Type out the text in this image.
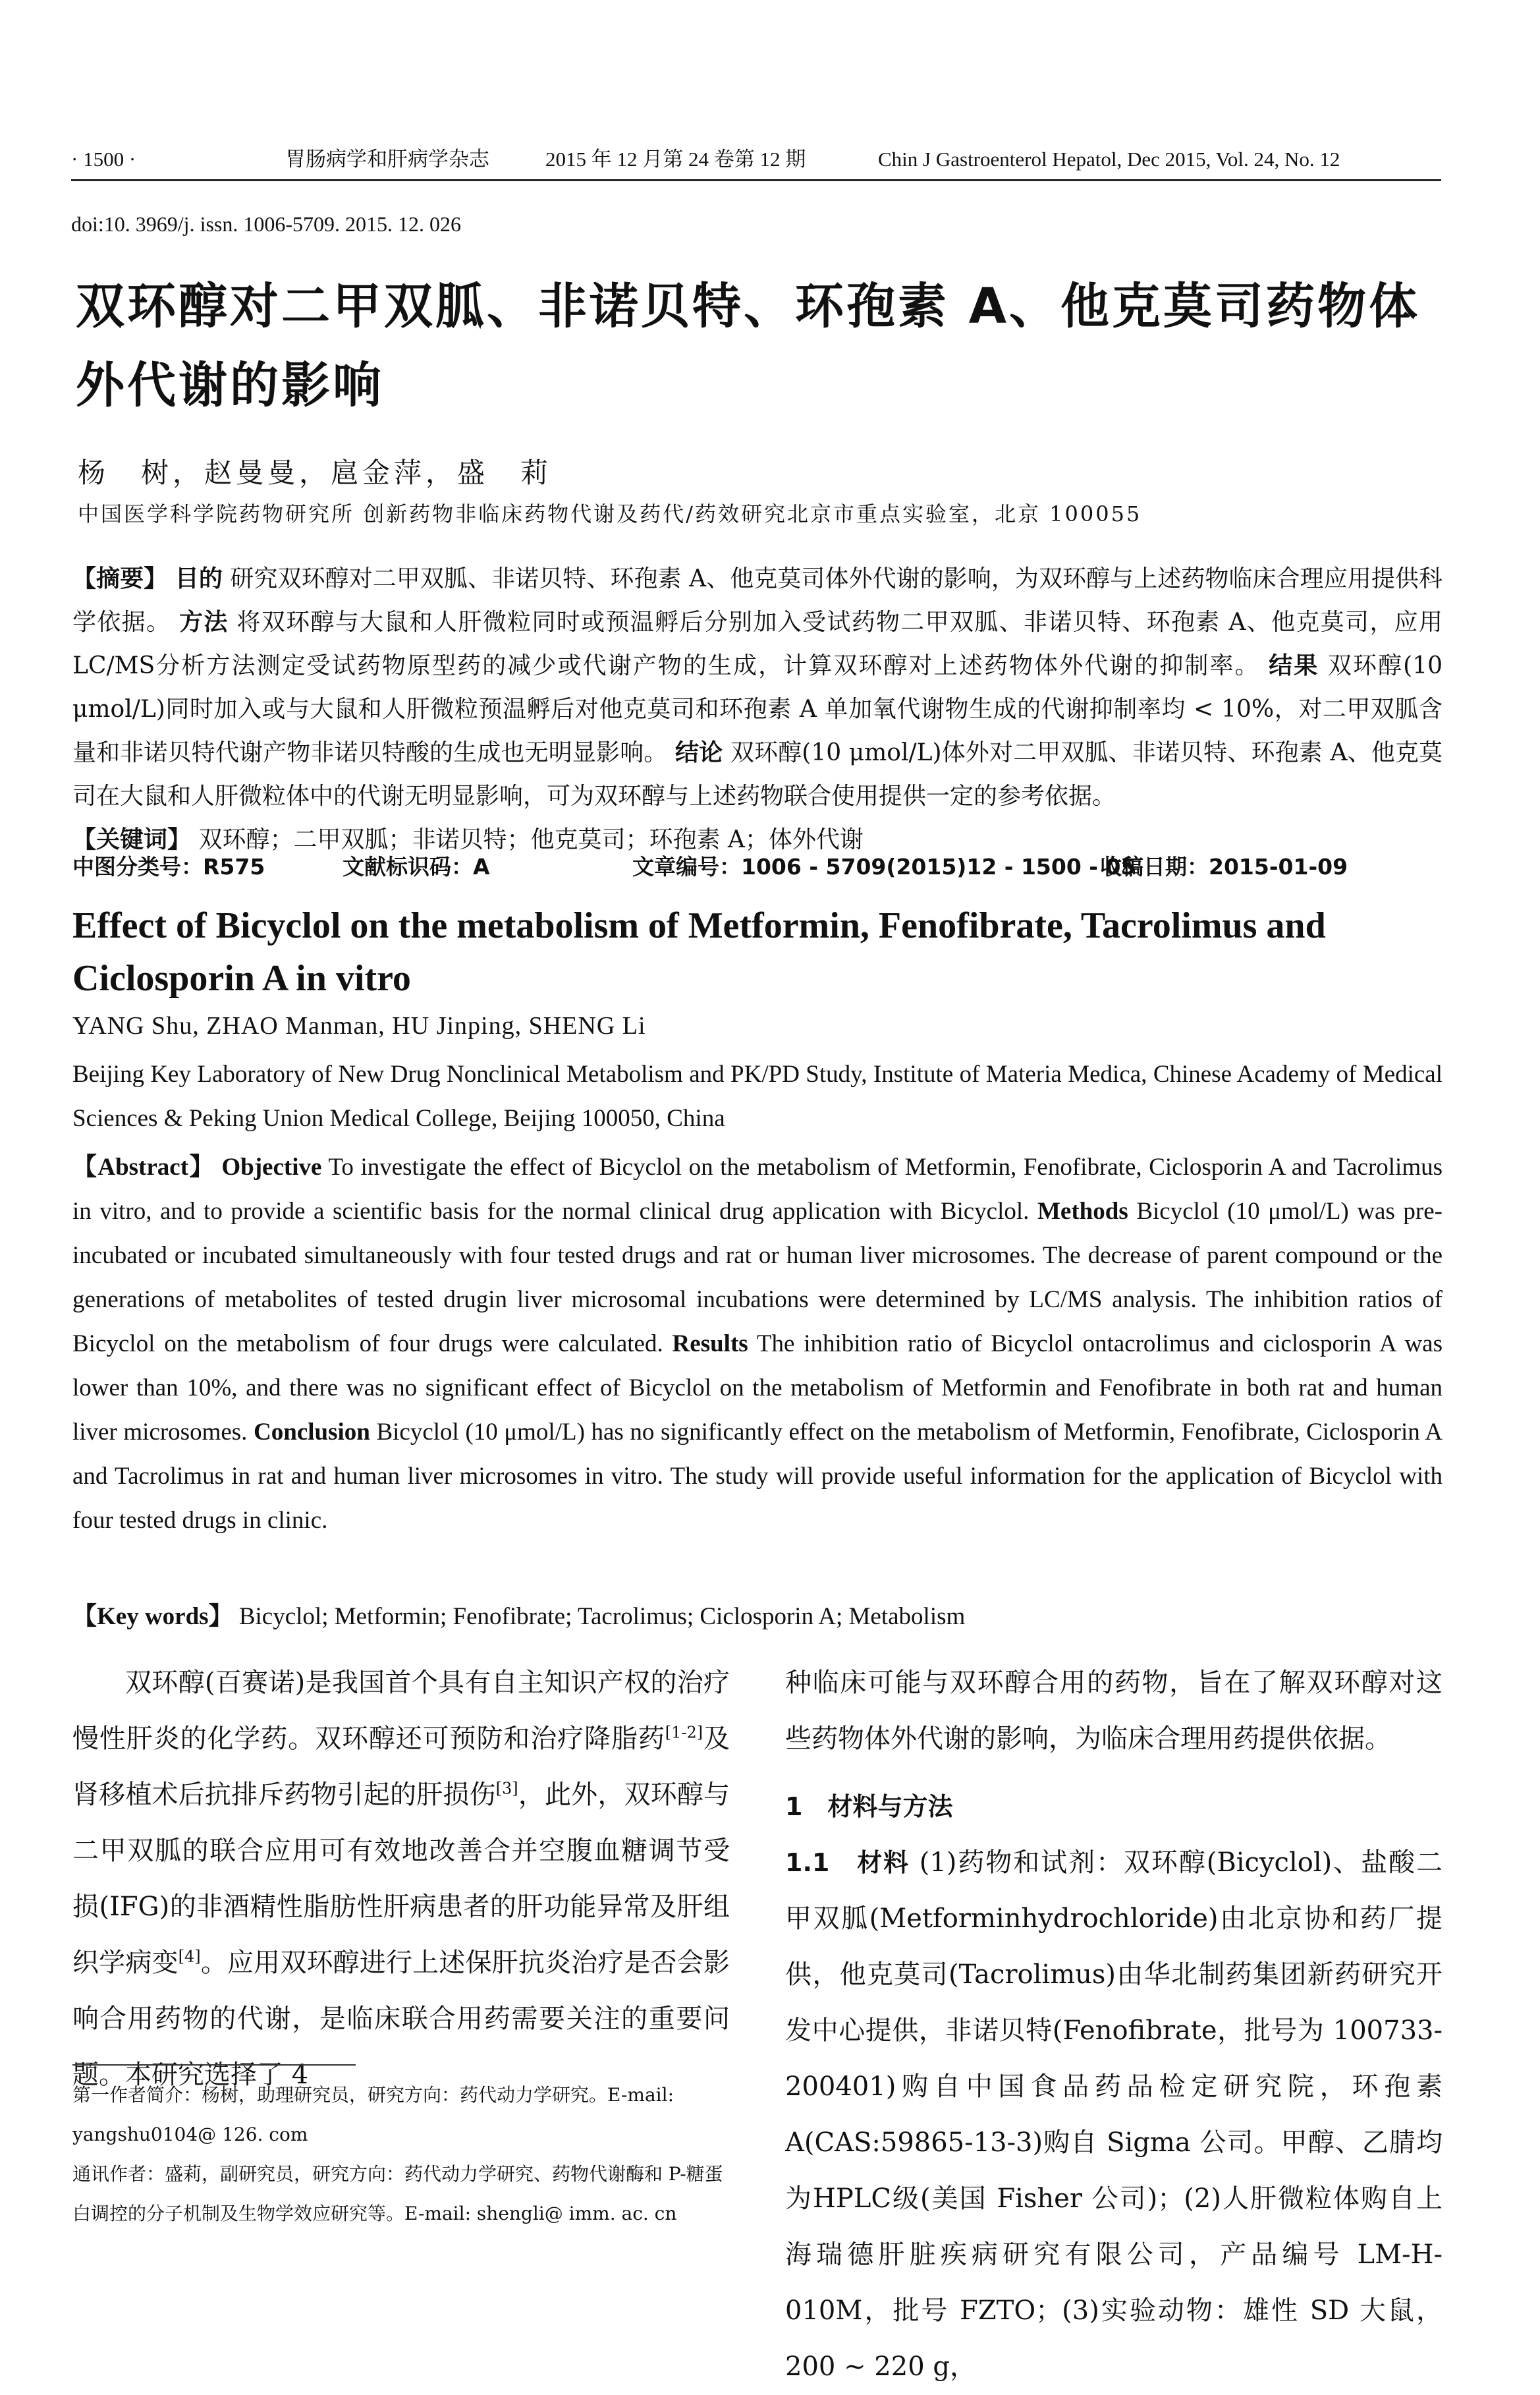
· 1500 ·	胃肠病学和肝病学杂志	2015 年 12 月第 24 卷第 12 期	Chin J Gastroenterol Hepatol, Dec 2015, Vol. 24, No. 12
doi:10. 3969/j. issn. 1006-5709. 2015. 12. 026
双环醇对二甲双胍、非诺贝特、环孢素 A、他克莫司药物体外代谢的影响
杨　树，赵曼曼，扈金萍，盛　莉
中国医学科学院药物研究所 创新药物非临床药物代谢及药代/药效研究北京市重点实验室，北京 100055
【摘要】 目的 研究双环醇对二甲双胍、非诺贝特、环孢素 A、他克莫司体外代谢的影响，为双环醇与上述药物临床合理应用提供科学依据。 方法 将双环醇与大鼠和人肝微粒同时或预温孵后分别加入受试药物二甲双胍、非诺贝特、环孢素 A、他克莫司，应用LC/MS分析方法测定受试药物原型药的减少或代谢产物的生成，计算双环醇对上述药物体外代谢的抑制率。 结果 双环醇(10 μmol/L)同时加入或与大鼠和人肝微粒预温孵后对他克莫司和环孢素 A 单加氧代谢物生成的代谢抑制率均 < 10%，对二甲双胍含量和非诺贝特代谢产物非诺贝特酸的生成也无明显影响。 结论 双环醇(10 μmol/L)体外对二甲双胍、非诺贝特、环孢素 A、他克莫司在大鼠和人肝微粒体中的代谢无明显影响，可为双环醇与上述药物联合使用提供一定的参考依据。
【关键词】 双环醇；二甲双胍；非诺贝特；他克莫司；环孢素 A；体外代谢
中图分类号：R575	文献标识码：A	文章编号：1006 - 5709(2015)12 - 1500 - 05
收稿日期：2015-01-09
Effect of Bicyclol on the metabolism of Metformin, Fenofibrate, Tacrolimus and Ciclosporin A in vitro
YANG Shu, ZHAO Manman, HU Jinping, SHENG Li
Beijing Key Laboratory of New Drug Nonclinical Metabolism and PK/PD Study, Institute of Materia Medica, Chinese Academy of Medical Sciences & Peking Union Medical College, Beijing 100050, China
【Abstract】 Objective To investigate the effect of Bicyclol on the metabolism of Metformin, Fenofibrate, Ciclosporin A and Tacrolimus in vitro, and to provide a scientific basis for the normal clinical drug application with Bicyclol. Methods Bicyclol (10 μmol/L) was pre-incubated or incubated simultaneously with four tested drugs and rat or human liver microsomes. The decrease of parent compound or the generations of metabolites of tested drugin liver microsomal incubations were determined by LC/MS analysis. The inhibition ratios of Bicyclol on the metabolism of four drugs were calculated. Results The inhibition ratio of Bicyclol ontacrolimus and ciclosporin A was lower than 10%, and there was no significant effect of Bicyclol on the metabolism of Metformin and Fenofibrate in both rat and human liver microsomes. Conclusion Bicyclol (10 μmol/L) has no significantly effect on the metabolism of Metformin, Fenofibrate, Ciclosporin A and Tacrolimus in rat and human liver microsomes in vitro. The study will provide useful information for the application of Bicyclol with four tested drugs in clinic.
【Key words】 Bicyclol; Metformin; Fenofibrate; Tacrolimus; Ciclosporin A; Metabolism
双环醇(百赛诺)是我国首个具有自主知识产权的治疗慢性肝炎的化学药。双环醇还可预防和治疗降脂药[1-2]及肾移植术后抗排斥药物引起的肝损伤[3]，此外，双环醇与二甲双胍的联合应用可有效地改善合并空腹血糖调节受损(IFG)的非酒精性脂肪性肝病患者的肝功能异常及肝组织学病变[4]。应用双环醇进行上述保肝抗炎治疗是否会影响合用药物的代谢，是临床联合用药需要关注的重要问题。本研究选择了 4
种临床可能与双环醇合用的药物，旨在了解双环醇对这些药物体外代谢的影响，为临床合理用药提供依据。
1　材料与方法
1.1　材料 (1)药物和试剂：双环醇(Bicyclol)、盐酸二甲双胍(Metforminhydrochloride)由北京协和药厂提供，他克莫司(Tacrolimus)由华北制药集团新药研究开发中心提供，非诺贝特(Fenofibrate，批号为 100733-200401)购自中国食品药品检定研究院，环孢素 A(CAS:59865-13-3)购自 Sigma 公司。甲醇、乙腈均为HPLC级(美国 Fisher 公司)；(2)人肝微粒体购自上海瑞德肝脏疾病研究有限公司，产品编号 LM-H-010M，批号 FZTO；(3)实验动物：雄性 SD 大鼠，200 ~ 220 g，
第一作者简介：杨树，助理研究员，研究方向：药代动力学研究。E-mail: yangshu0104@ 126. com
通讯作者：盛莉，副研究员，研究方向：药代动力学研究、药物代谢酶和 P-糖蛋白调控的分子机制及生物学效应研究等。E-mail: shengli@ imm. ac. cn
